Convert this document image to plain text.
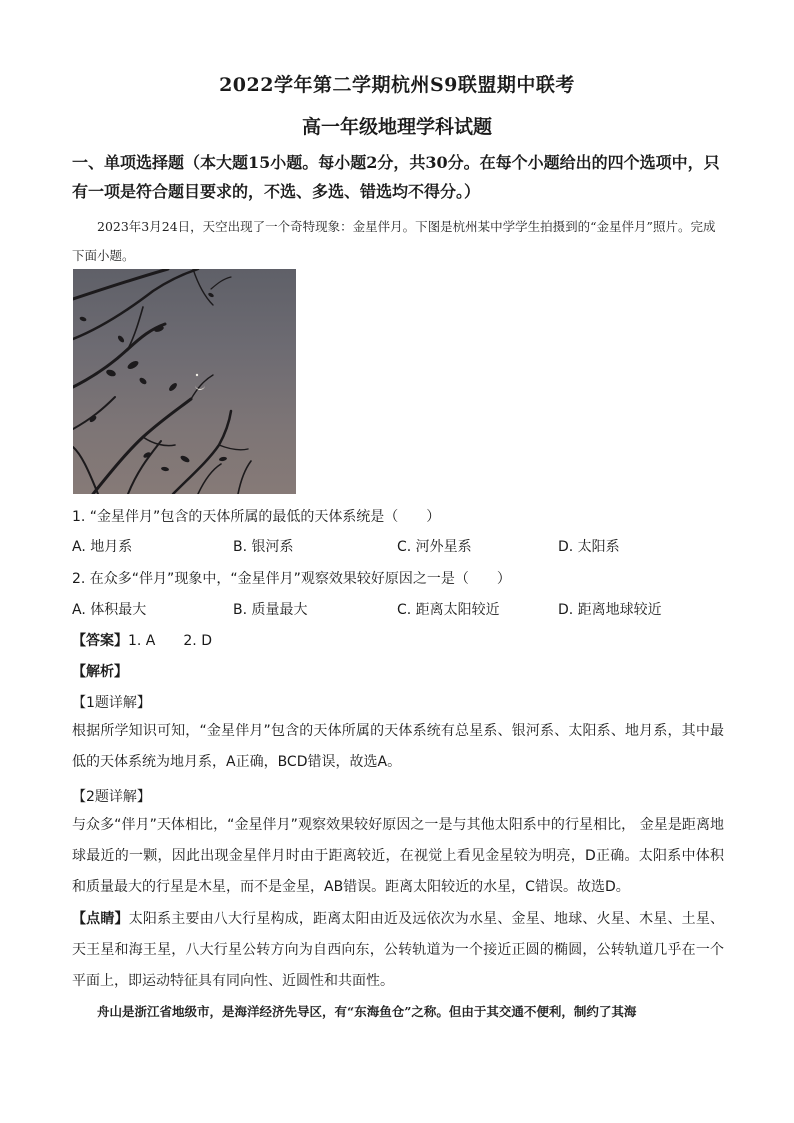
2022学年第二学期杭州S9联盟期中联考
高一年级地理学科试题
一、单项选择题（本大题15小题。每小题2分，共30分。在每个小题给出的四个选项中，只有一项是符合题目要求的，不选、多选、错选均不得分。）
2023年3月24日，天空出现了一个奇特现象：金星伴月。下图是杭州某中学学生拍摄到的“金星伴月”照片。完成下面小题。
1. “金星伴月”包含的天体所属的最低的天体系统是（　　）
A. 地月系	B. 银河系	C. 河外星系	D. 太阳系
2. 在众多“伴月”现象中，“金星伴月”观察效果较好原因之一是（　　）
A. 体积最大	B. 质量最大	C. 距离太阳较近	D. 距离地球较近
【答案】1. A　　2. D
【解析】
【1题详解】
根据所学知识可知，“金星伴月”包含的天体所属的天体系统有总星系、银河系、太阳系、地月系，其中最低的天体系统为地月系，A正确，BCD错误，故选A。
【2题详解】
与众多“伴月”天体相比，“金星伴月”观察效果较好原因之一是与其他太阳系中的行星相比， 金星是距离地球最近的一颗，因此出现金星伴月时由于距离较近，在视觉上看见金星较为明亮，D正确。太阳系中体积和质量最大的行星是木星，而不是金星，AB错误。距离太阳较近的水星，C错误。故选D。
【点睛】太阳系主要由八大行星构成，距离太阳由近及远依次为水星、金星、地球、火星、木星、土星、天王星和海王星，八大行星公转方向为自西向东，公转轨道为一个接近正圆的椭圆，公转轨道几乎在一个平面上，即运动特征具有同向性、近圆性和共面性。
舟山是浙江省地级市，是海洋经济先导区，有“东海鱼仓”之称。但由于其交通不便利，制约了其海
